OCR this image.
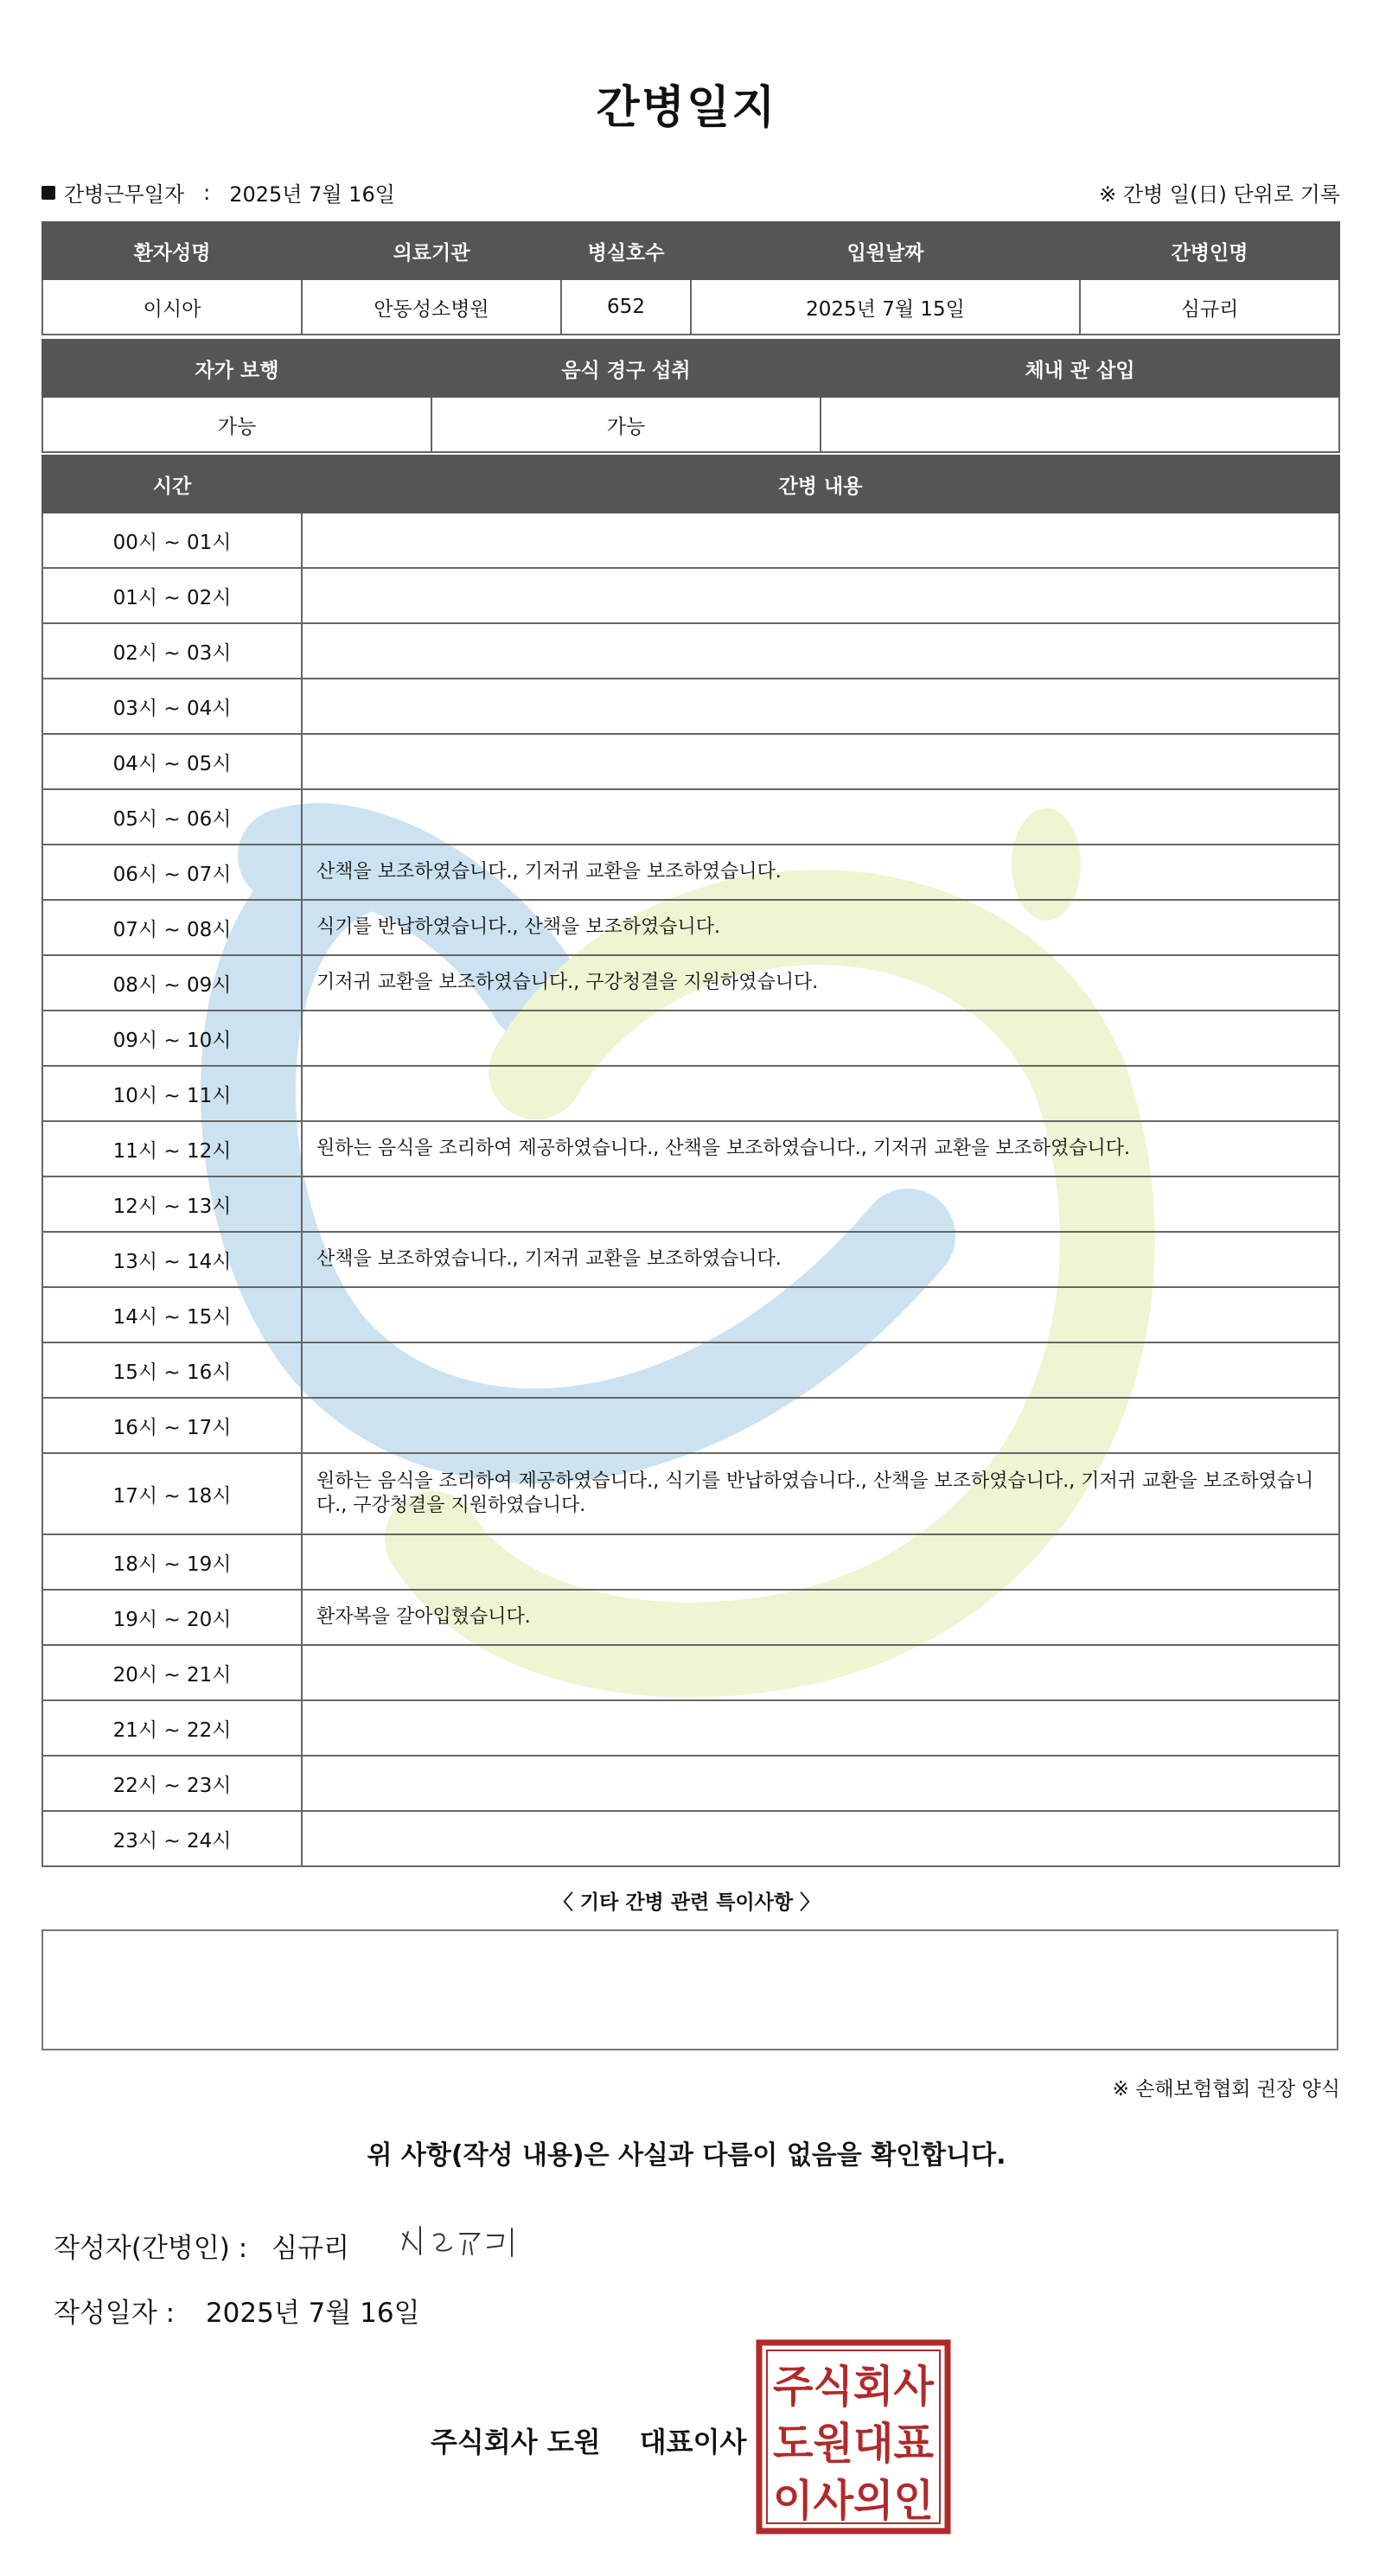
간병일지
간병근무일자 : 2025년 7월 16일	※ 간병 일(日) 단위로 기록
환자성명	의료기관	병실호수	입원날짜	간병인명
이시아	안동성소병원	652	2025년 7월 15일	심규리
자가 보행	음식 경구 섭취	체내 관 삽입
가능	가능	
시간	간병 내용
00시 ~ 01시	
01시 ~ 02시	
02시 ~ 03시	
03시 ~ 04시	
04시 ~ 05시	
05시 ~ 06시	
06시 ~ 07시	산책을 보조하였습니다., 기저귀 교환을 보조하였습니다.
07시 ~ 08시	식기를 반납하였습니다., 산책을 보조하였습니다.
08시 ~ 09시	기저귀 교환을 보조하였습니다., 구강청결을 지원하였습니다.
09시 ~ 10시	
10시 ~ 11시	
11시 ~ 12시	원하는 음식을 조리하여 제공하였습니다., 산책을 보조하였습니다., 기저귀 교환을 보조하였습니다.
12시 ~ 13시	
13시 ~ 14시	산책을 보조하였습니다., 기저귀 교환을 보조하였습니다.
14시 ~ 15시	
15시 ~ 16시	
16시 ~ 17시	
17시 ~ 18시	원하는 음식을 조리하여 제공하였습니다., 식기를 반납하였습니다., 산책을 보조하였습니다., 기저귀 교환을 보조하였습니다., 구강청결을 지원하였습니다.
18시 ~ 19시	
19시 ~ 20시	환자복을 갈아입혔습니다.
20시 ~ 21시	
21시 ~ 22시	
22시 ~ 23시	
23시 ~ 24시	
〈 기타 간병 관련 특이사항 〉
※ 손해보험협회 권장 양식
위 사항(작성 내용)은 사실과 다름이 없음을 확인합니다.
작성자(간병인) : 심규리
작성일자 : 2025년 7월 16일
주식회사 도원 대표이사
주식회사
도원대표
이사의인
